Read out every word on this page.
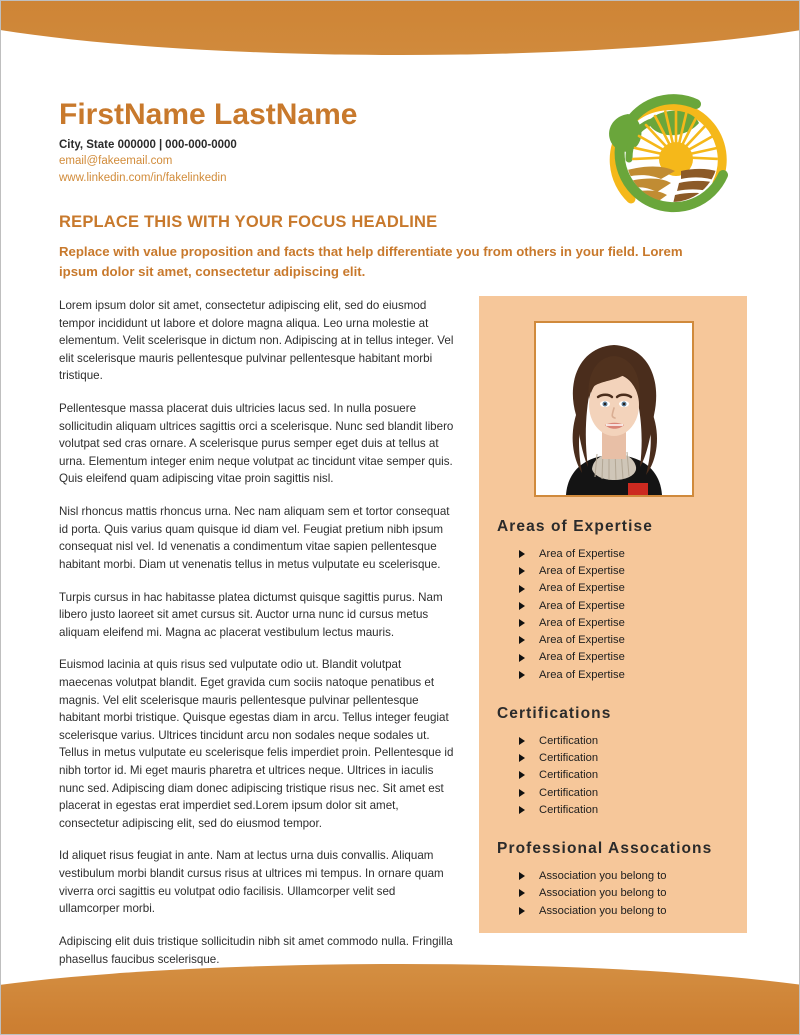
FirstName LastName
City, State 000000 | 000-000-0000
email@fakeemail.com
www.linkedin.com/in/fakelinkedin
REPLACE THIS WITH YOUR FOCUS HEADLINE
Replace with value proposition and facts that help differentiate you from others in your field. Lorem ipsum dolor sit amet, consectetur adipiscing elit.

Lorem ipsum dolor sit amet, consectetur adipiscing elit, sed do eiusmod tempor incididunt ut labore et dolore magna aliqua. Leo urna molestie at elementum. Velit scelerisque in dictum non. Adipiscing at in tellus integer. Vel elit scelerisque mauris pellentesque pulvinar pellentesque habitant morbi tristique.

Pellentesque massa placerat duis ultricies lacus sed. In nulla posuere sollicitudin aliquam ultrices sagittis orci a scelerisque. Nunc sed blandit libero volutpat sed cras ornare. A scelerisque purus semper eget duis at tellus at urna. Elementum integer enim neque volutpat ac tincidunt vitae semper quis. Quis eleifend quam adipiscing vitae proin sagittis nisl.

Nisl rhoncus mattis rhoncus urna. Nec nam aliquam sem et tortor consequat id porta. Quis varius quam quisque id diam vel. Feugiat pretium nibh ipsum consequat nisl vel. Id venenatis a condimentum vitae sapien pellentesque habitant morbi. Diam ut venenatis tellus in metus vulputate eu scelerisque.

Turpis cursus in hac habitasse platea dictumst quisque sagittis purus. Nam libero justo laoreet sit amet cursus sit. Auctor urna nunc id cursus metus aliquam eleifend mi. Magna ac placerat vestibulum lectus mauris.

Euismod lacinia at quis risus sed vulputate odio ut. Blandit volutpat maecenas volutpat blandit. Eget gravida cum sociis natoque penatibus et magnis. Vel elit scelerisque mauris pellentesque pulvinar pellentesque habitant morbi tristique. Quisque egestas diam in arcu. Tellus integer feugiat scelerisque varius. Ultrices tincidunt arcu non sodales neque sodales ut. Tellus in metus vulputate eu scelerisque felis imperdiet proin. Pellentesque id nibh tortor id. Mi eget mauris pharetra et ultrices neque. Ultrices in iaculis nunc sed. Adipiscing diam donec adipiscing tristique risus nec. Sit amet est placerat in egestas erat imperdiet sed.Lorem ipsum dolor sit amet, consectetur adipiscing elit, sed do eiusmod tempor.

Id aliquet risus feugiat in ante. Nam at lectus urna duis convallis. Aliquam vestibulum morbi blandit cursus risus at ultrices mi tempus. In ornare quam viverra orci sagittis eu volutpat odio facilisis. Ullamcorper velit sed ullamcorper morbi.

Adipiscing elit duis tristique sollicitudin nibh sit amet commodo nulla. Fringilla phasellus faucibus scelerisque.

Areas of Expertise
Area of Expertise
Area of Expertise
Area of Expertise
Area of Expertise
Area of Expertise
Area of Expertise
Area of Expertise
Area of Expertise
Certifications
Certification
Certification
Certification
Certification
Certification
Professional Assocations
Association you belong to
Association you belong to
Association you belong to
